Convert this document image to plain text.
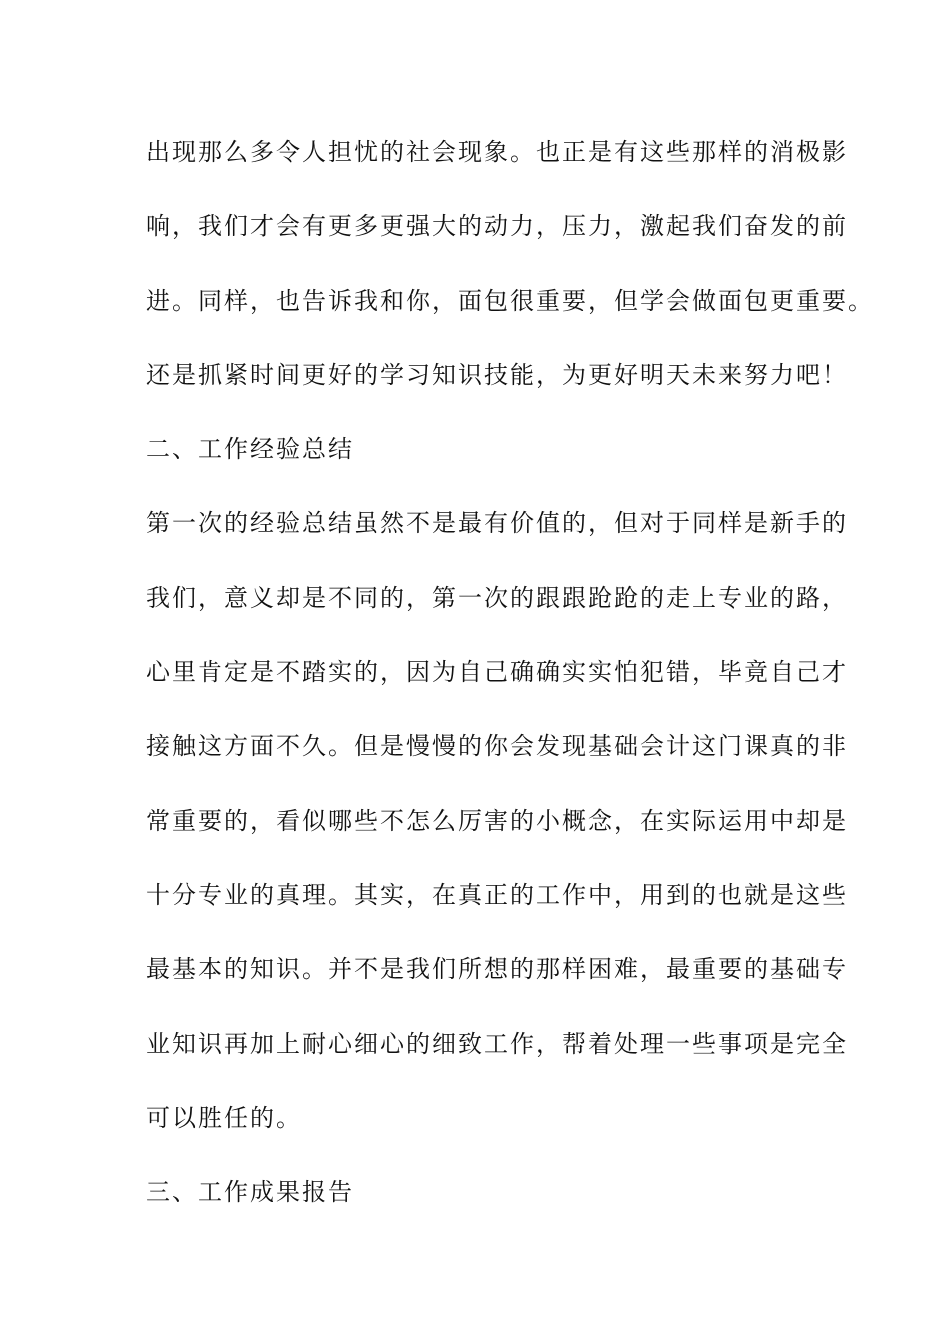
出现那么多令人担忧的社会现象。也正是有这些那样的消极影

响，我们才会有更多更强大的动力，压力，激起我们奋发的前

进。同样，也告诉我和你，面包很重要，但学会做面包更重要。

还是抓紧时间更好的学习知识技能，为更好明天未来努力吧！

二、工作经验总结

第一次的经验总结虽然不是最有价值的，但对于同样是新手的

我们，意义却是不同的，第一次的跟跟跄跄的走上专业的路，

心里肯定是不踏实的，因为自己确确实实怕犯错，毕竟自己才

接触这方面不久。但是慢慢的你会发现基础会计这门课真的非

常重要的，看似哪些不怎么厉害的小概念，在实际运用中却是

十分专业的真理。其实，在真正的工作中，用到的也就是这些

最基本的知识。并不是我们所想的那样困难，最重要的基础专

业知识再加上耐心细心的细致工作，帮着处理一些事项是完全

可以胜任的。

三、工作成果报告
